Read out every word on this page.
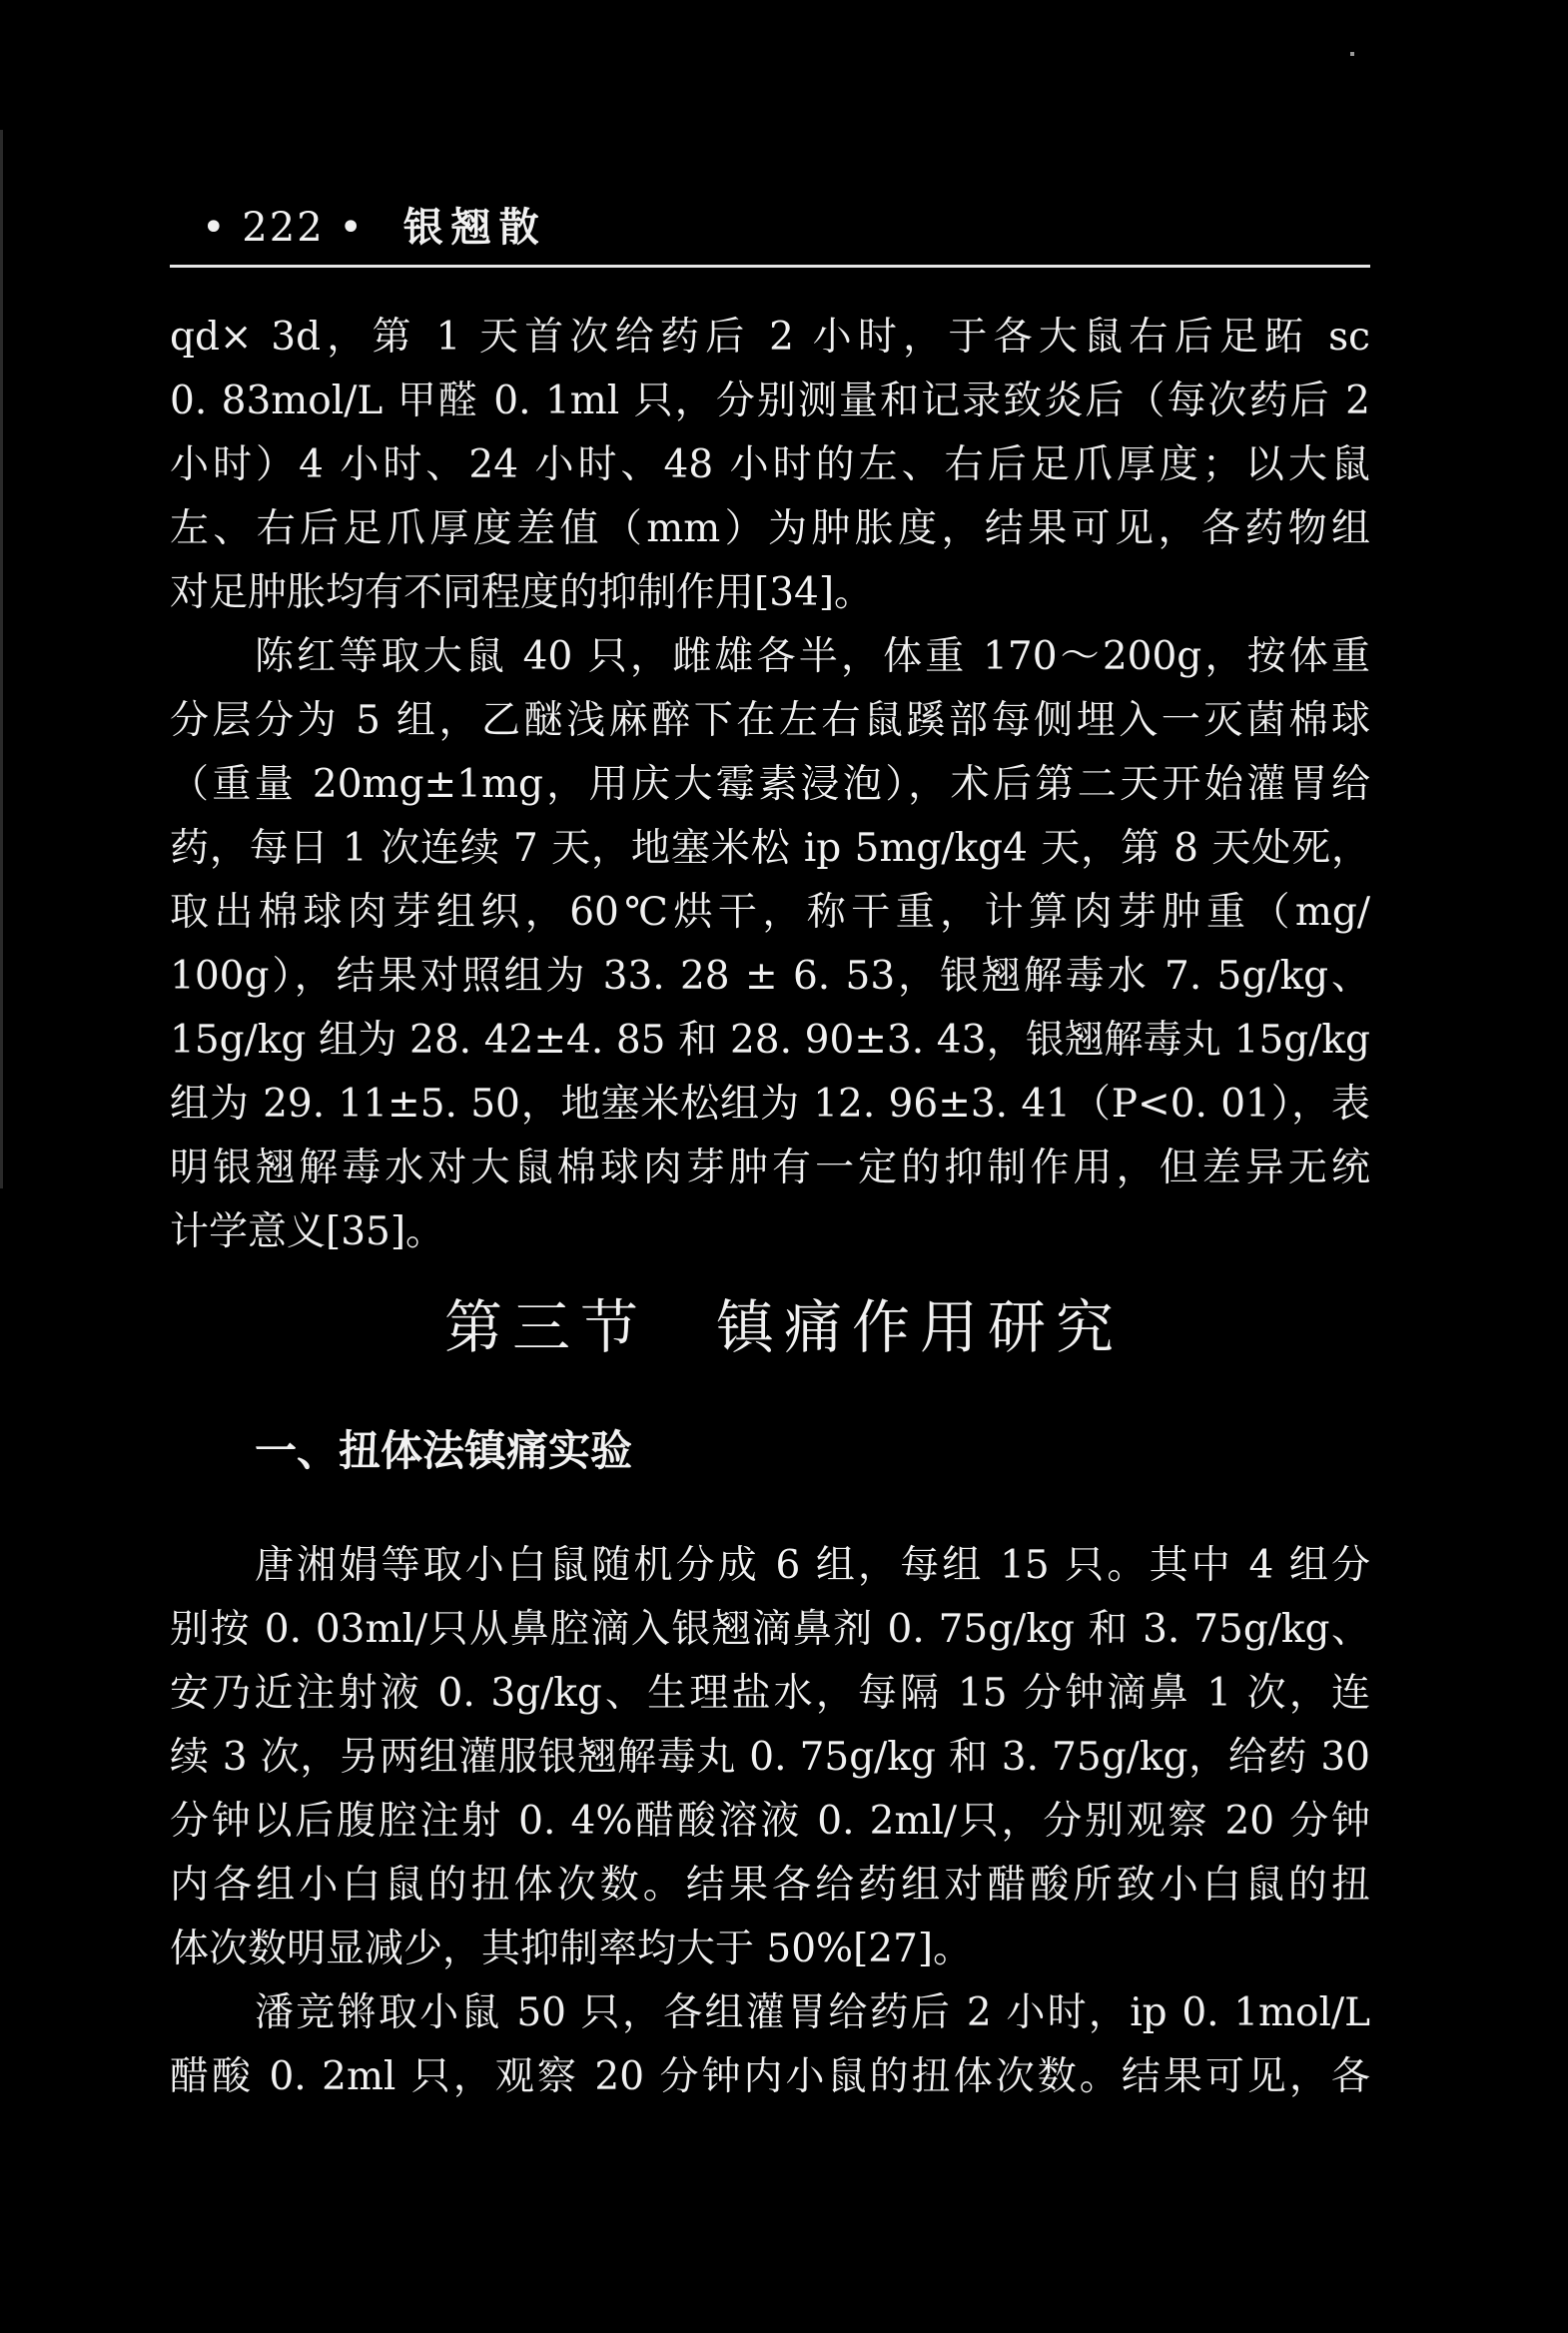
• 222 • 银翘散
qd× 3d，第 1 天首次给药后 2 小时，于各大鼠右后足跖 sc
0. 83mol/L 甲醛 0. 1ml 只，分别测量和记录致炎后（每次药后 2
小时）4 小时、24 小时、48 小时的左、右后足爪厚度；以大鼠
左、右后足爪厚度差值（mm）为肿胀度，结果可见，各药物组
对足肿胀均有不同程度的抑制作用[34]。
陈红等取大鼠 40 只，雌雄各半，体重 170～200g，按体重
分层分为 5 组，乙醚浅麻醉下在左右鼠蹊部每侧埋入一灭菌棉球
（重量 20mg±1mg，用庆大霉素浸泡），术后第二天开始灌胃给
药，每日 1 次连续 7 天，地塞米松 ip 5mg/kg4 天，第 8 天处死，
取出棉球肉芽组织，60℃烘干，称干重，计算肉芽肿重（mg/
100g），结果对照组为 33. 28 ± 6. 53，银翘解毒水 7. 5g/kg、
15g/kg 组为 28. 42±4. 85 和 28. 90±3. 43，银翘解毒丸 15g/kg
组为 29. 11±5. 50，地塞米松组为 12. 96±3. 41（P<0. 01），表
明银翘解毒水对大鼠棉球肉芽肿有一定的抑制作用，但差异无统
计学意义[35]。
第三节　镇痛作用研究
一、扭体法镇痛实验
唐湘娟等取小白鼠随机分成 6 组，每组 15 只。其中 4 组分
别按 0. 03ml/只从鼻腔滴入银翘滴鼻剂 0. 75g/kg 和 3. 75g/kg、
安乃近注射液 0. 3g/kg、生理盐水，每隔 15 分钟滴鼻 1 次，连
续 3 次，另两组灌服银翘解毒丸 0. 75g/kg 和 3. 75g/kg，给药 30
分钟以后腹腔注射 0. 4%醋酸溶液 0. 2ml/只，分别观察 20 分钟
内各组小白鼠的扭体次数。结果各给药组对醋酸所致小白鼠的扭
体次数明显减少，其抑制率均大于 50%[27]。
潘竞锵取小鼠 50 只，各组灌胃给药后 2 小时，ip 0. 1mol/L
醋酸 0. 2ml 只，观察 20 分钟内小鼠的扭体次数。结果可见，各
